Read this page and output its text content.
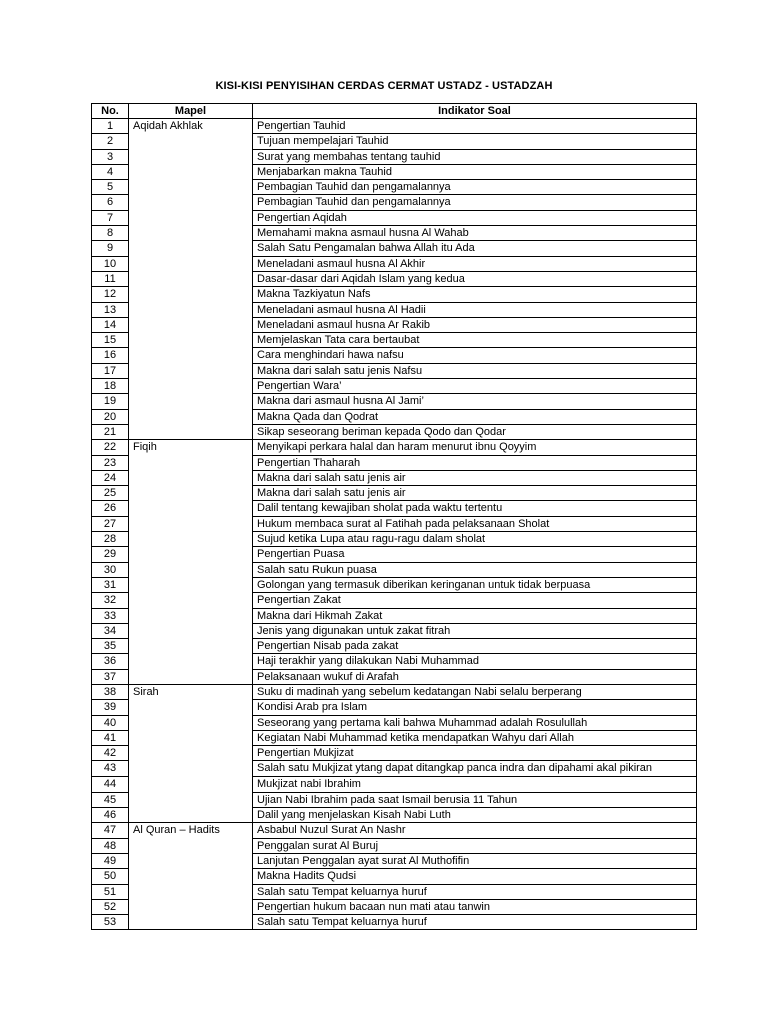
KISI-KISI PENYISIHAN CERDAS CERMAT USTADZ - USTADZAH
No.	Mapel	Indikator Soal
1	Aqidah Akhlak	Pengertian Tauhid
2		Tujuan mempelajari Tauhid
3		Surat yang membahas tentang tauhid
4		Menjabarkan makna Tauhid
5		Pembagian Tauhid dan pengamalannya
6		Pembagian Tauhid dan pengamalannya
7		Pengertian Aqidah
8		Memahami makna asmaul husna Al Wahab
9		Salah Satu Pengamalan bahwa Allah itu Ada
10		Meneladani asmaul husna Al Akhir
11		Dasar-dasar dari Aqidah Islam yang kedua
12		Makna Tazkiyatun Nafs
13		Meneladani asmaul husna Al Hadii
14		Meneladani asmaul husna Ar Rakib
15		Memjelaskan Tata cara bertaubat
16		Cara menghindari hawa nafsu
17		Makna dari salah satu jenis Nafsu
18		Pengertian Wara’
19		Makna dari asmaul husna Al Jami’
20		Makna Qada dan Qodrat
21		Sikap seseorang beriman kepada Qodo dan Qodar
22	Fiqih	Menyikapi perkara halal dan haram menurut ibnu Qoyyim
23		Pengertian Thaharah
24		Makna dari salah satu jenis air
25		Makna dari salah satu jenis air
26		Dalil tentang kewajiban sholat pada waktu tertentu
27		Hukum membaca surat al Fatihah pada pelaksanaan Sholat
28		Sujud ketika Lupa atau ragu-ragu dalam sholat
29		Pengertian Puasa
30		Salah satu Rukun puasa
31		Golongan yang termasuk diberikan keringanan untuk tidak berpuasa
32		Pengertian Zakat
33		Makna dari Hikmah Zakat
34		Jenis yang digunakan untuk zakat fitrah
35		Pengertian Nisab pada zakat
36		Haji terakhir yang dilakukan Nabi Muhammad
37		Pelaksanaan wukuf di Arafah
38	Sirah	Suku di madinah yang sebelum kedatangan Nabi selalu berperang
39		Kondisi Arab pra Islam
40		Seseorang yang pertama kali bahwa Muhammad adalah Rosulullah
41		Kegiatan Nabi Muhammad ketika mendapatkan Wahyu dari Allah
42		Pengertian Mukjizat
43		Salah satu Mukjizat ytang dapat ditangkap panca indra dan dipahami akal pikiran
44		Mukjizat nabi Ibrahim
45		Ujian Nabi Ibrahim pada saat Ismail berusia 11 Tahun
46		Dalil yang menjelaskan Kisah Nabi Luth
47	Al Quran – Hadits	Asbabul Nuzul Surat An Nashr
48		Penggalan surat Al Buruj
49		Lanjutan Penggalan ayat surat Al Muthofifin
50		Makna Hadits Qudsi
51		Salah satu Tempat keluarnya huruf
52		Pengertian hukum bacaan nun mati atau tanwin
53		Salah satu Tempat keluarnya huruf
